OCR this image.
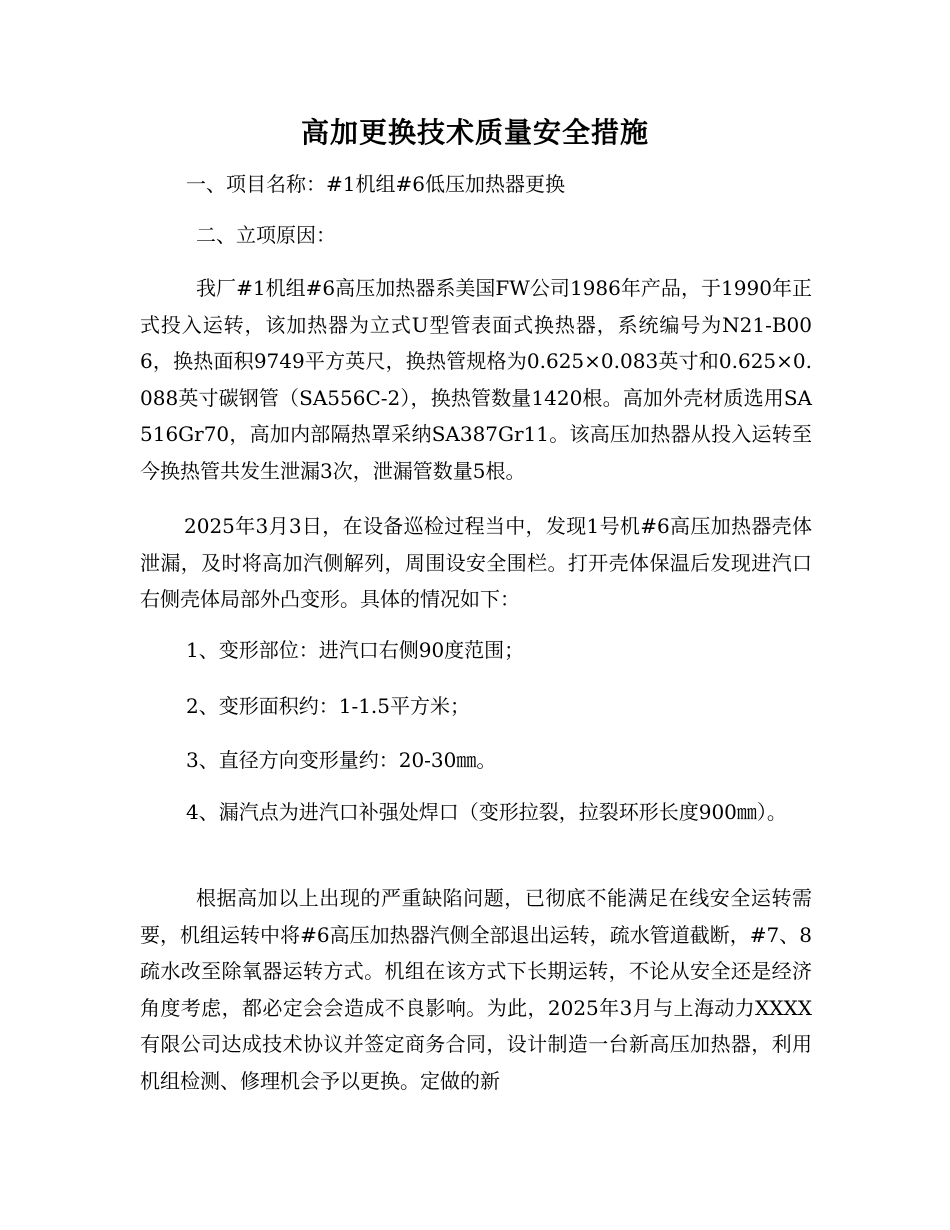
高加更换技术质量安全措施

一、项目名称：#1机组#6低压加热器更换

二、立项原因：

我厂#1机组#6高压加热器系美国FW公司1986年产品，于1990年正式投入运转，该加热器为立式U型管表面式换热器，系统编号为N21-B006，换热面积9749平方英尺，换热管规格为0.625×0.083英寸和0.625×0.088英寸碳钢管（SA556C-2），换热管数量1420根。高加外壳材质选用SA516Gr70，高加内部隔热罩采纳SA387Gr11。该高压加热器从投入运转至今换热管共发生泄漏3次，泄漏管数量5根。

2025年3月3日，在设备巡检过程当中，发现1号机#6高压加热器壳体泄漏，及时将高加汽侧解列，周围设安全围栏。打开壳体保温后发现进汽口右侧壳体局部外凸变形。具体的情况如下：

1、变形部位：进汽口右侧90度范围；

2、变形面积约：1-1.5平方米；

3、直径方向变形量约：20-30㎜。

4、漏汽点为进汽口补强处焊口（变形拉裂，拉裂环形长度900㎜）。

根据高加以上出现的严重缺陷问题，已彻底不能满足在线安全运转需要，机组运转中将#6高压加热器汽侧全部退出运转，疏水管道截断，#7、8疏水改至除氧器运转方式。机组在该方式下长期运转，不论从安全还是经济角度考虑，都必定会会造成不良影响。为此，2025年3月与上海动力XXXX有限公司达成技术协议并签定商务合同，设计制造一台新高压加热器，利用机组检测、修理机会予以更换。定做的新
